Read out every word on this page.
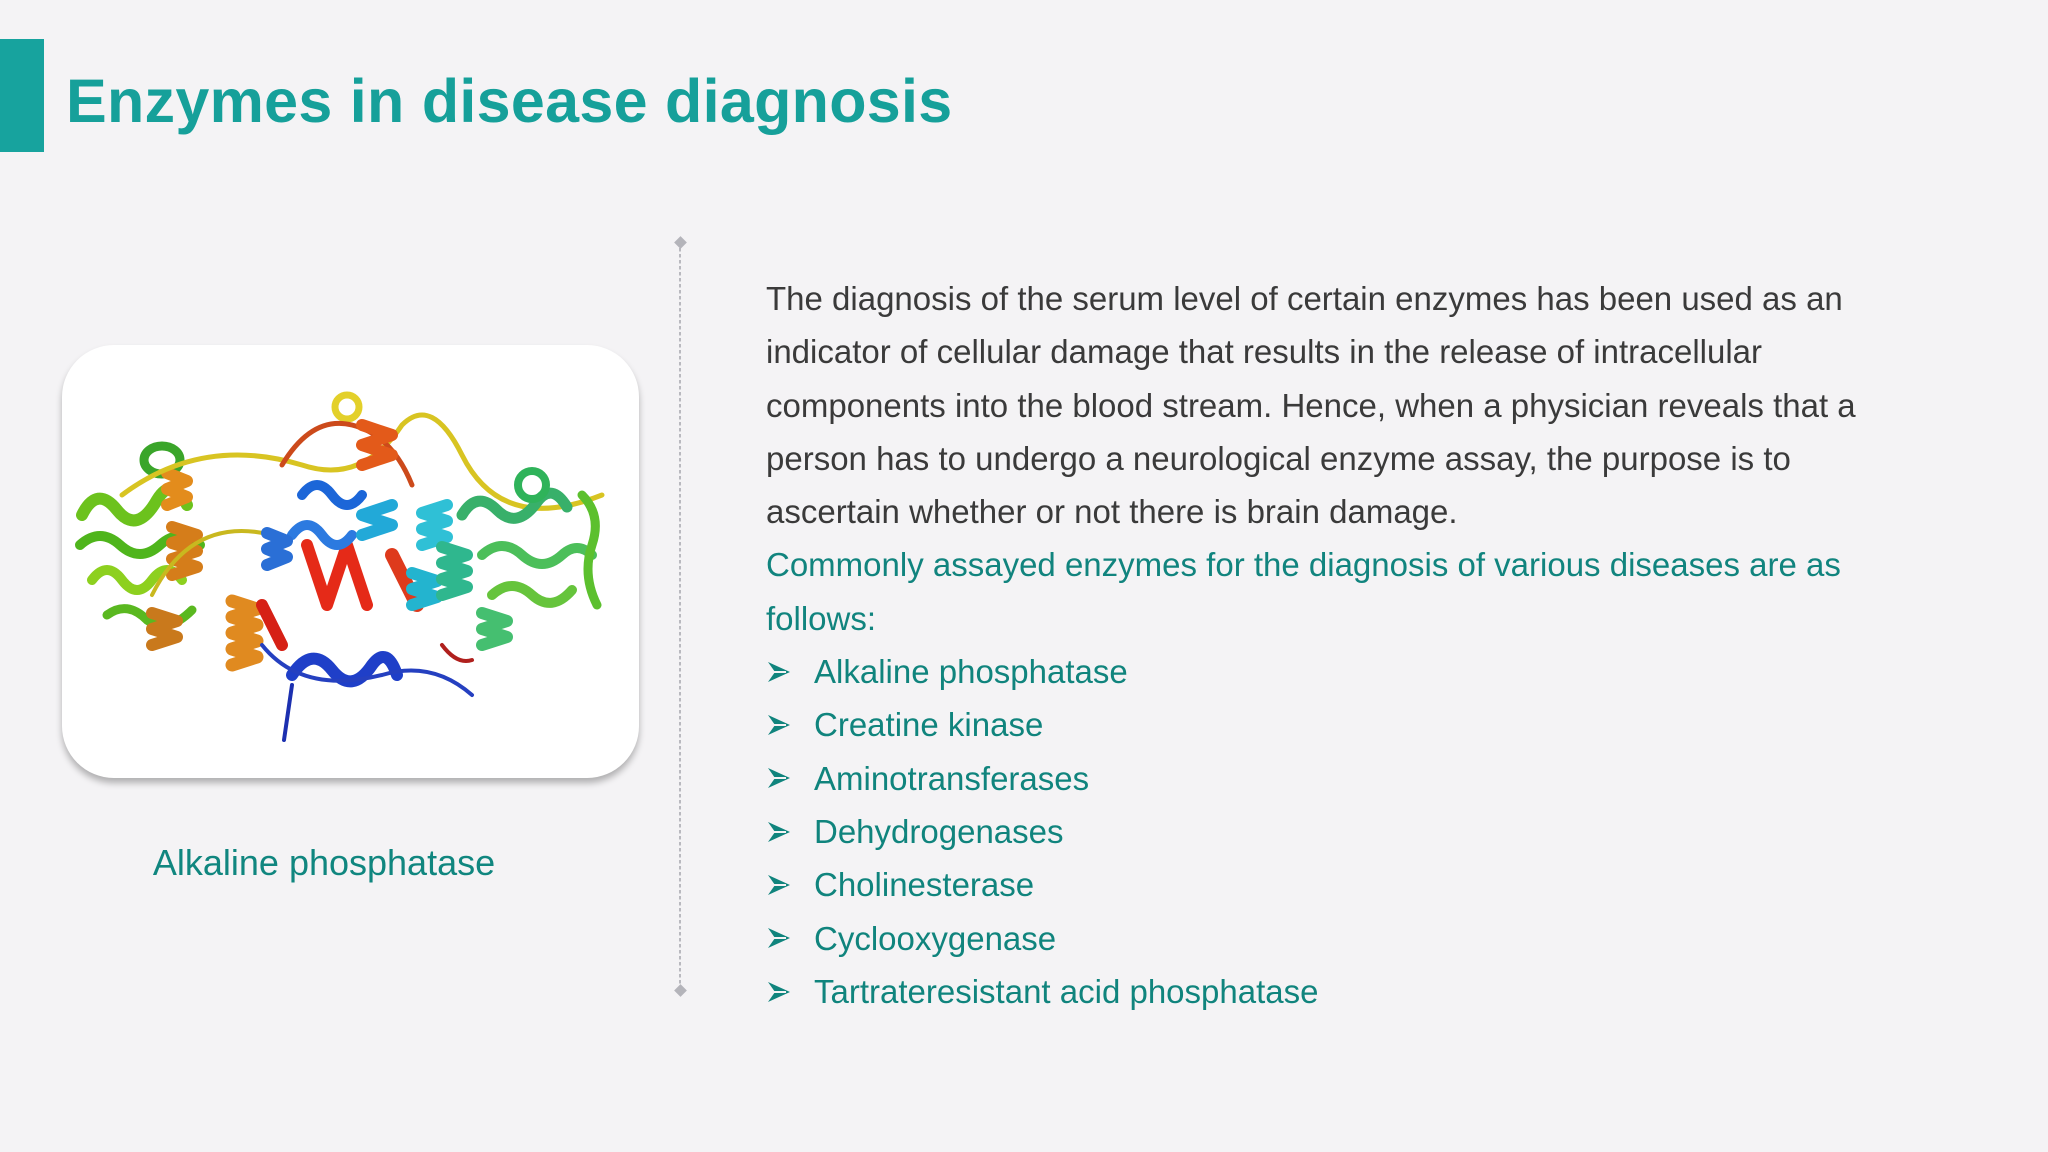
Enzymes in disease diagnosis
Alkaline phosphatase

The diagnosis of the serum level of certain enzymes has been used as an indicator of cellular damage that results in the release of intracellular components into the blood stream. Hence, when a physician reveals that a person has to undergo a neurological enzyme assay, the purpose is to ascertain whether or not there is brain damage.

Commonly assayed enzymes for the diagnosis of various diseases are as follows:

Alkaline phosphatase
Creatine kinase
Aminotransferases
Dehydrogenases
Cholinesterase
Cyclooxygenase
Tartrateresistant acid phosphatase
